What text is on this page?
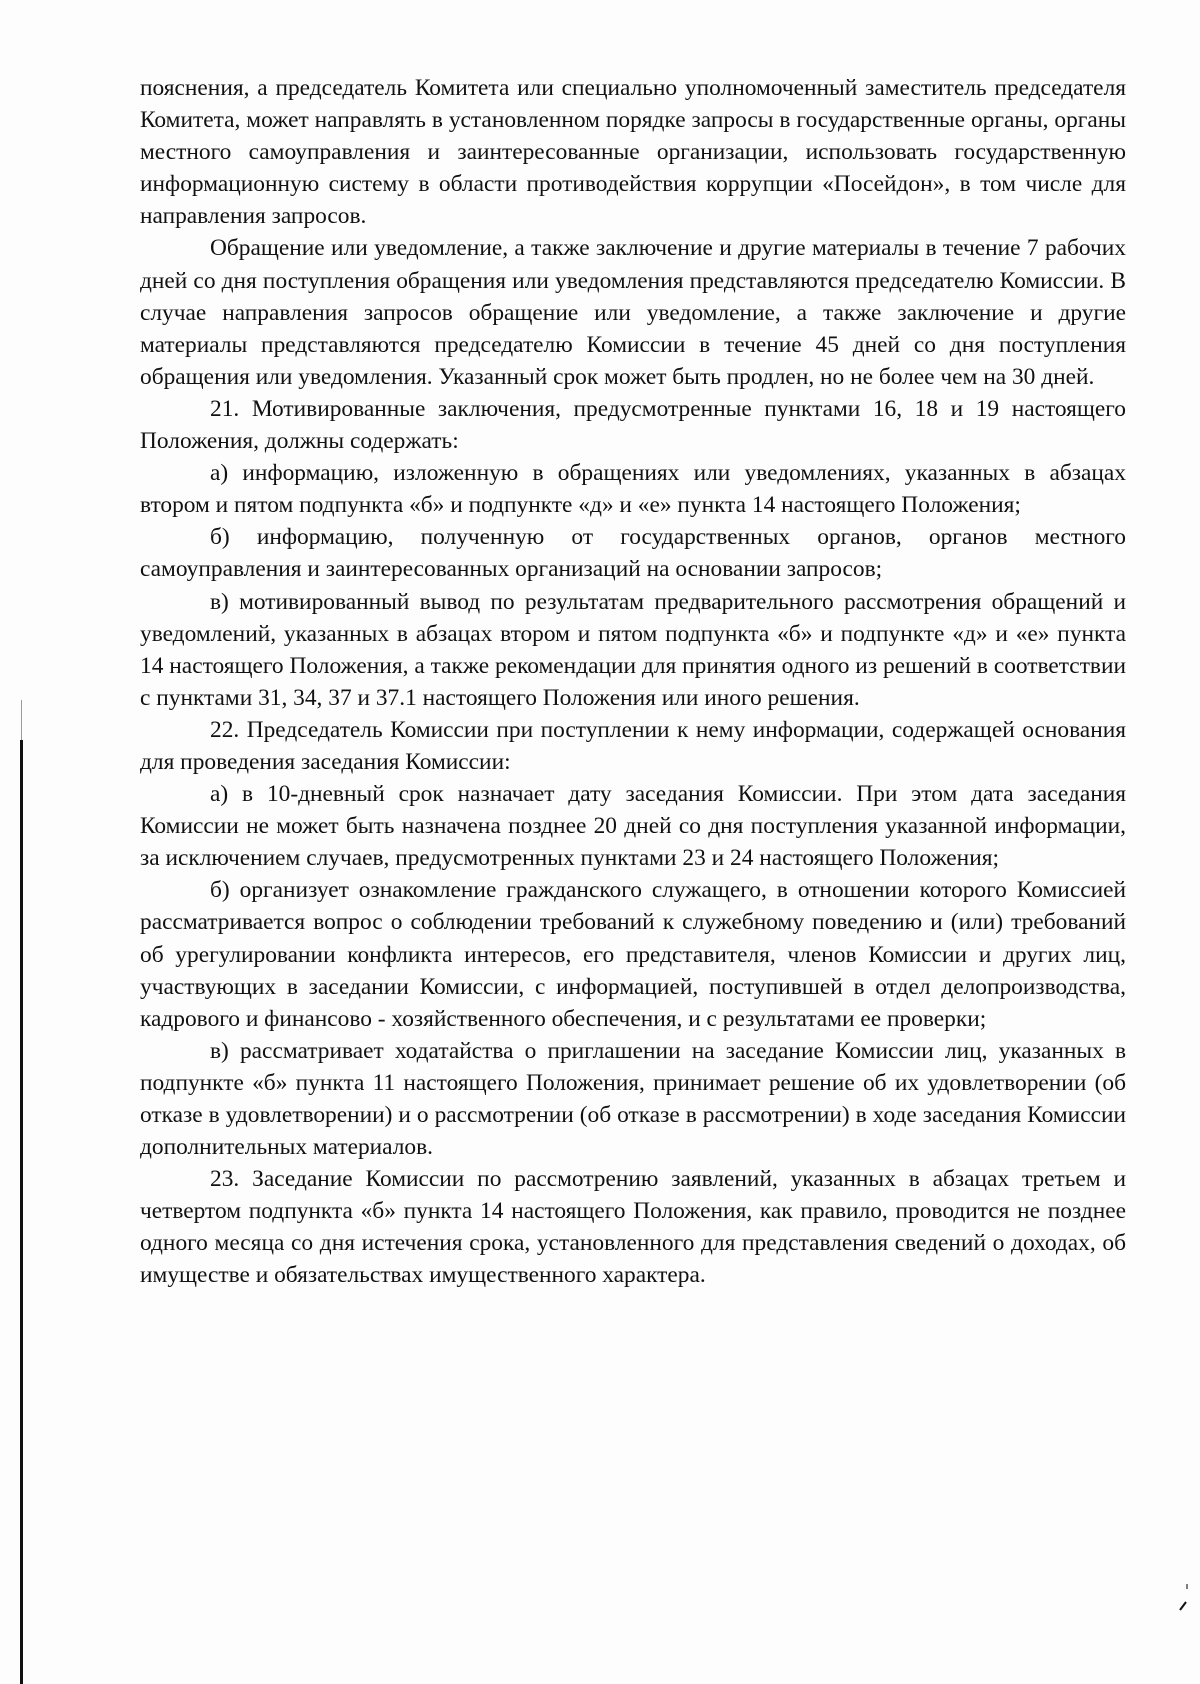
пояснения, а председатель Комитета или специально уполномоченный заместитель председателя Комитета, может направлять в установленном порядке запросы в государственные органы, органы местного самоуправления и заинтересованные организации, использовать государственную информационную систему в области противодействия коррупции «Посейдон», в том числе для направления запросов.

Обращение или уведомление, а также заключение и другие материалы в течение 7 рабочих дней со дня поступления обращения или уведомления представляются председателю Комиссии. В случае направления запросов обращение или уведомление, а также заключение и другие материалы представляются председателю Комиссии в течение 45 дней со дня поступления обращения или уведомления. Указанный срок может быть продлен, но не более чем на 30 дней.

21. Мотивированные заключения, предусмотренные пунктами 16, 18 и 19 настоящего Положения, должны содержать:

а) информацию, изложенную в обращениях или уведомлениях, указанных в абзацах втором и пятом подпункта «б» и подпункте «д» и «е» пункта 14 настоящего Положения;

б) информацию, полученную от государственных органов, органов местного самоуправления и заинтересованных организаций на основании запросов;

в) мотивированный вывод по результатам предварительного рассмотрения обращений и уведомлений, указанных в абзацах втором и пятом подпункта «б» и подпункте «д» и «е» пункта 14 настоящего Положения, а также рекомендации для принятия одного из решений в соответствии с пунктами 31, 34, 37 и 37.1 настоящего Положения или иного решения.

22. Председатель Комиссии при поступлении к нему информации, содержащей основания для проведения заседания Комиссии:

а) в 10-дневный срок назначает дату заседания Комиссии. При этом дата заседания Комиссии не может быть назначена позднее 20 дней со дня поступления указанной информации, за исключением случаев, предусмотренных пунктами 23 и 24 настоящего Положения;

б) организует ознакомление гражданского служащего, в отношении которого Комиссией рассматривается вопрос о соблюдении требований к служебному поведению и (или) требований об урегулировании конфликта интересов, его представителя, членов Комиссии и других лиц, участвующих в заседании Комиссии, с информацией, поступившей в отдел делопроизводства, кадрового и финансово - хозяйственного обеспечения, и с результатами ее проверки;

в) рассматривает ходатайства о приглашении на заседание Комиссии лиц, указанных в подпункте «б» пункта 11 настоящего Положения, принимает решение об их удовлетворении (об отказе в удовлетворении) и о рассмотрении (об отказе в рассмотрении) в ходе заседания Комиссии дополнительных материалов.

23. Заседание Комиссии по рассмотрению заявлений, указанных в абзацах третьем и четвертом подпункта «б» пункта 14 настоящего Положения, как правило, проводится не позднее одного месяца со дня истечения срока, установленного для представления сведений о доходах, об имуществе и обязательствах имущественного характера.
